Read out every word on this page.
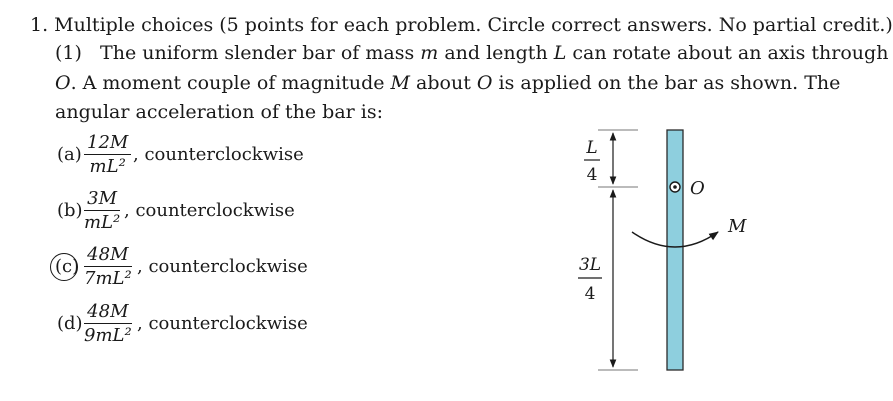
1. Multiple choices (5 points for each problem. Circle correct answers. No partial credit.)
(1) The uniform slender bar of mass m and length L can rotate about an axis through
O. A moment couple of magnitude M about O is applied on the bar as shown. The
angular acceleration of the bar is:
$(a) \frac{12M}{\text{mL²}}$ , counterclockwise
$(b) \frac{3M}{\text{mL²}}$ , counterclockwise
$(c) \frac{48M}{\text{7mL²}}$ , counterclockwise
$(d) \frac{48M}{\text{9mL²}}$ , counterclockwise
L
4
3L
4
O
M
